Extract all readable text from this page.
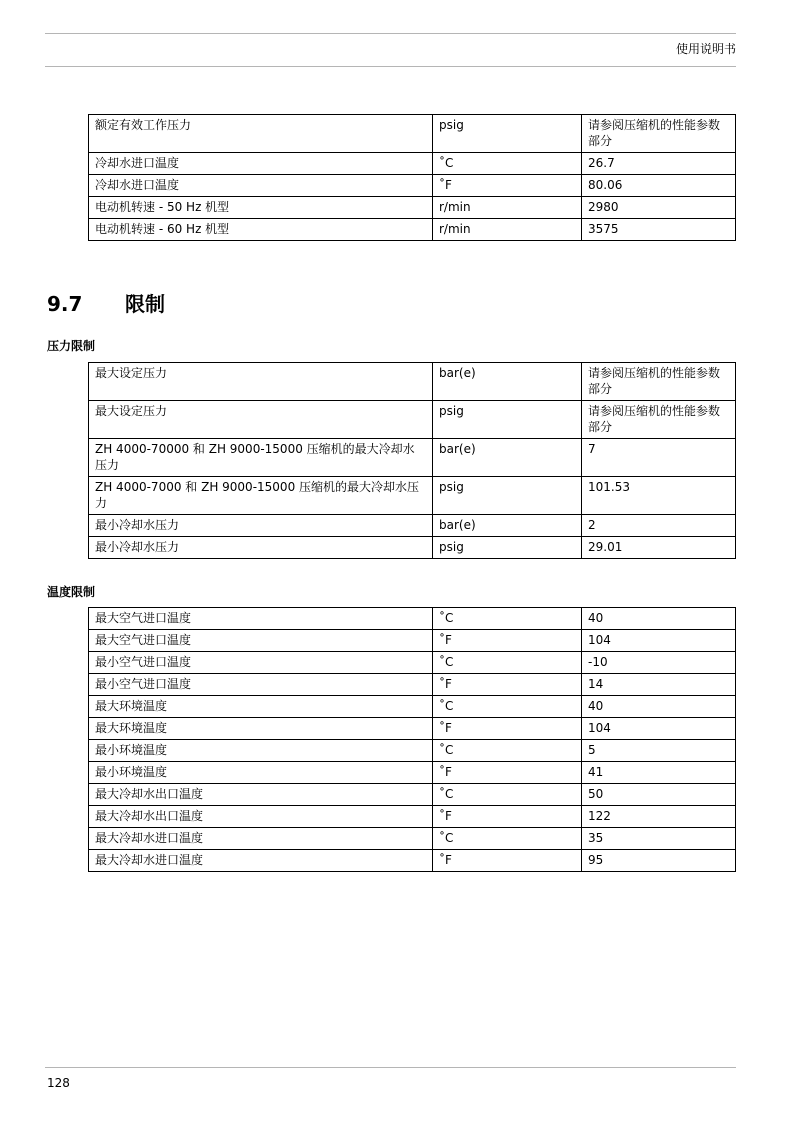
使用说明书
额定有效工作压力	psig	请参阅压缩机的性能参数部分
冷却水进口温度	˚C	26.7
冷却水进口温度	˚F	80.06
电动机转速 - 50 Hz 机型	r/min	2980
电动机转速 - 60 Hz 机型	r/min	3575
9.7 限制
压力限制
最大设定压力	bar(e)	请参阅压缩机的性能参数部分
最大设定压力	psig	请参阅压缩机的性能参数部分
ZH 4000-70000 和 ZH 9000-15000 压缩机的最大冷却水压力	bar(e)	7
ZH 4000-7000 和 ZH 9000-15000 压缩机的最大冷却水压力	psig	101.53
最小冷却水压力	bar(e)	2
最小冷却水压力	psig	29.01
温度限制
最大空气进口温度	˚C	40
最大空气进口温度	˚F	104
最小空气进口温度	˚C	-10
最小空气进口温度	˚F	14
最大环境温度	˚C	40
最大环境温度	˚F	104
最小环境温度	˚C	5
最小环境温度	˚F	41
最大冷却水出口温度	˚C	50
最大冷却水出口温度	˚F	122
最大冷却水进口温度	˚C	35
最大冷却水进口温度	˚F	95
128
